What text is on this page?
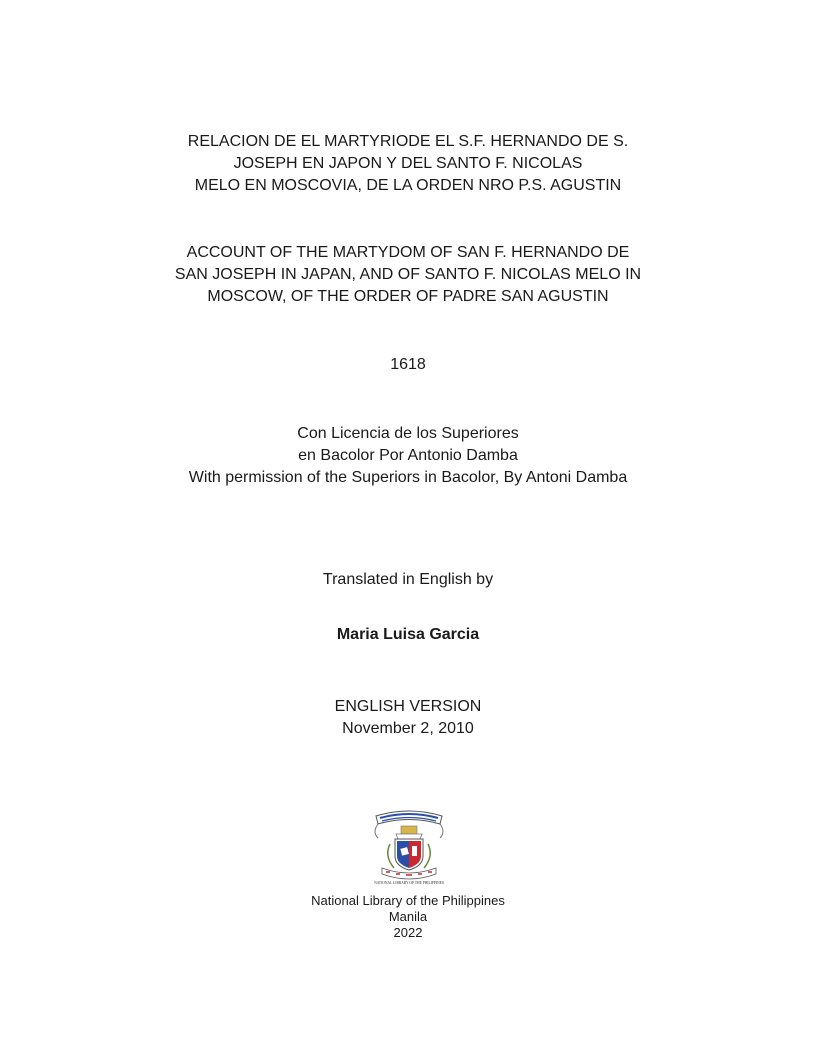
RELACION DE EL MARTYRIODE EL S.F. HERNANDO DE S.
JOSEPH EN JAPON Y DEL SANTO F. NICOLAS
MELO EN MOSCOVIA, DE LA ORDEN NRO P.S. AGUSTIN
ACCOUNT OF THE MARTYDOM OF SAN F. HERNANDO DE
SAN JOSEPH IN JAPAN, AND OF SANTO F. NICOLAS MELO IN
MOSCOW, OF THE ORDER OF PADRE SAN AGUSTIN
1618
Con Licencia de los Superiores
en Bacolor Por Antonio Damba
With permission of the Superiors in Bacolor, By Antoni Damba
Translated in English by
Maria Luisa Garcia
ENGLISH VERSION
November 2, 2010
NATIONAL LIBRARY OF THE PHILIPPINES
National Library of the Philippines
Manila
2022
